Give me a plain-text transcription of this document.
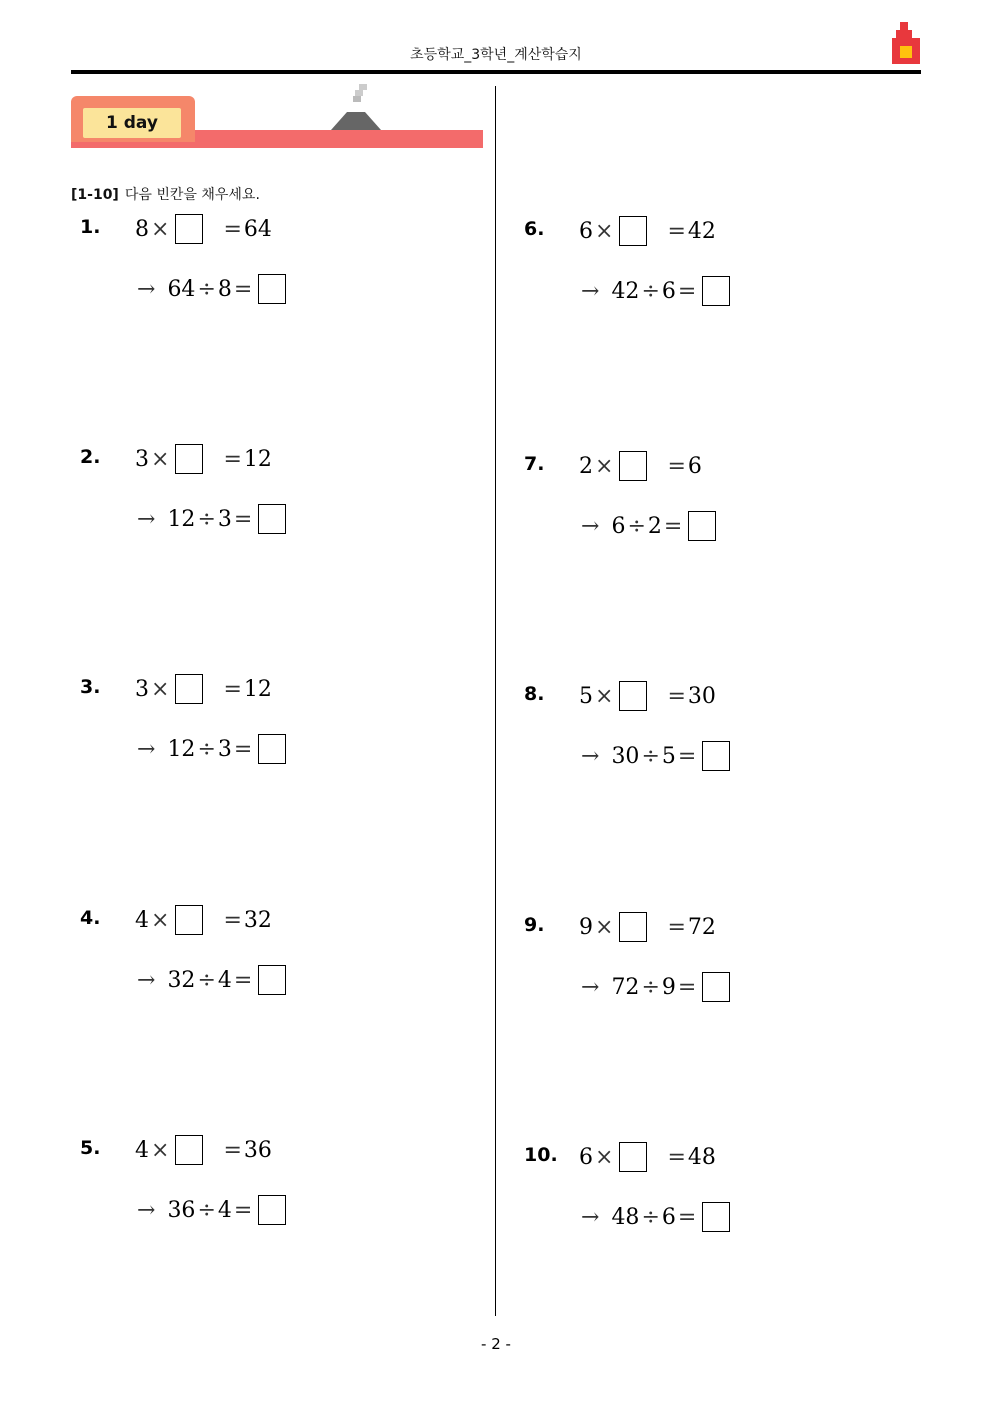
초등학교_3학년_계산학습지
1 day
[1-10] 다음 빈칸을 채우세요.
1. 8 × = 64
→ 64 ÷ 8 =
2. 3 × = 12
→ 12 ÷ 3 =
3. 3 × = 12
→ 12 ÷ 3 =
4. 4 × = 32
→ 32 ÷ 4 =
5. 4 × = 36
→ 36 ÷ 4 =
6. 6 × = 42
→ 42 ÷ 6 =
7. 2 × = 6
→ 6 ÷ 2 =
8. 5 × = 30
→ 30 ÷ 5 =
9. 9 × = 72
→ 72 ÷ 9 =
10. 6 × = 48
→ 48 ÷ 6 =
- 2 -
